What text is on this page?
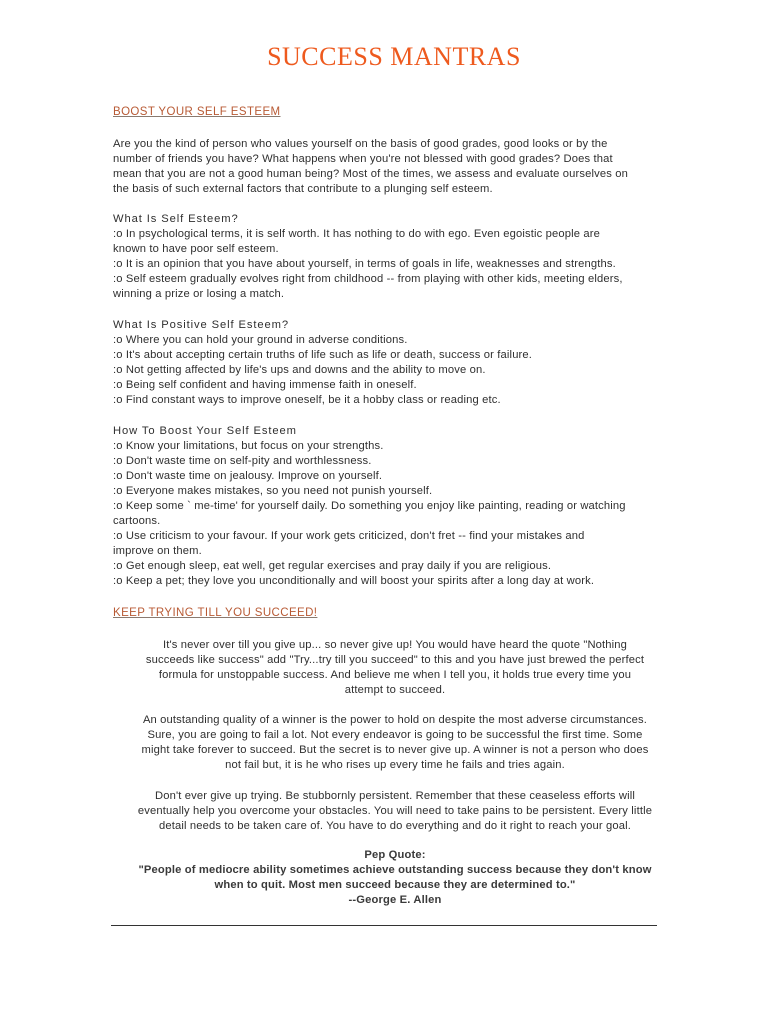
SUCCESS MANTRAS
BOOST YOUR SELF ESTEEM

Are you the kind of person who values yourself on the basis of good grades, good looks or by the

number of friends you have? What happens when you're not blessed with good grades? Does that

mean that you are not a good human being? Most of the times, we assess and evaluate ourselves on

the basis of such external factors that contribute to a plunging self esteem.

What Is Self Esteem?

:o In psychological terms, it is self worth. It has nothing to do with ego. Even egoistic people are

known to have poor self esteem.

:o It is an opinion that you have about yourself, in terms of goals in life, weaknesses and strengths.

:o Self esteem gradually evolves right from childhood -- from playing with other kids, meeting elders,

winning a prize or losing a match.

What Is Positive Self Esteem?

:o Where you can hold your ground in adverse conditions.

:o It's about accepting certain truths of life such as life or death, success or failure.

:o Not getting affected by life's ups and downs and the ability to move on.

:o Being self confident and having immense faith in oneself.

:o Find constant ways to improve oneself, be it a hobby class or reading etc.

How To Boost Your Self Esteem

:o Know your limitations, but focus on your strengths.

:o Don't waste time on self-pity and worthlessness.

:o Don't waste time on jealousy. Improve on yourself.

:o Everyone makes mistakes, so you need not punish yourself.

:o Keep some ` me-time' for yourself daily. Do something you enjoy like painting, reading or watching

cartoons.

:o Use criticism to your favour. If your work gets criticized, don't fret -- find your mistakes and

improve on them.

:o Get enough sleep, eat well, get regular exercises and pray daily if you are religious.

:o Keep a pet; they love you unconditionally and will boost your spirits after a long day at work.

KEEP TRYING TILL YOU SUCCEED!

It's never over till you give up... so never give up! You would have heard the quote "Nothing

succeeds like success" add "Try...try till you succeed" to this and you have just brewed the perfect

formula for unstoppable success. And believe me when I tell you, it holds true every time you

attempt to succeed.

An outstanding quality of a winner is the power to hold on despite the most adverse circumstances.

Sure, you are going to fail a lot. Not every endeavor is going to be successful the first time. Some

might take forever to succeed. But the secret is to never give up. A winner is not a person who does

not fail but, it is he who rises up every time he fails and tries again.

Don't ever give up trying. Be stubbornly persistent. Remember that these ceaseless efforts will

eventually help you overcome your obstacles. You will need to take pains to be persistent. Every little

detail needs to be taken care of. You have to do everything and do it right to reach your goal.

Pep Quote:

"People of mediocre ability sometimes achieve outstanding success because they don't know

when to quit. Most men succeed because they are determined to."

--George E. Allen
